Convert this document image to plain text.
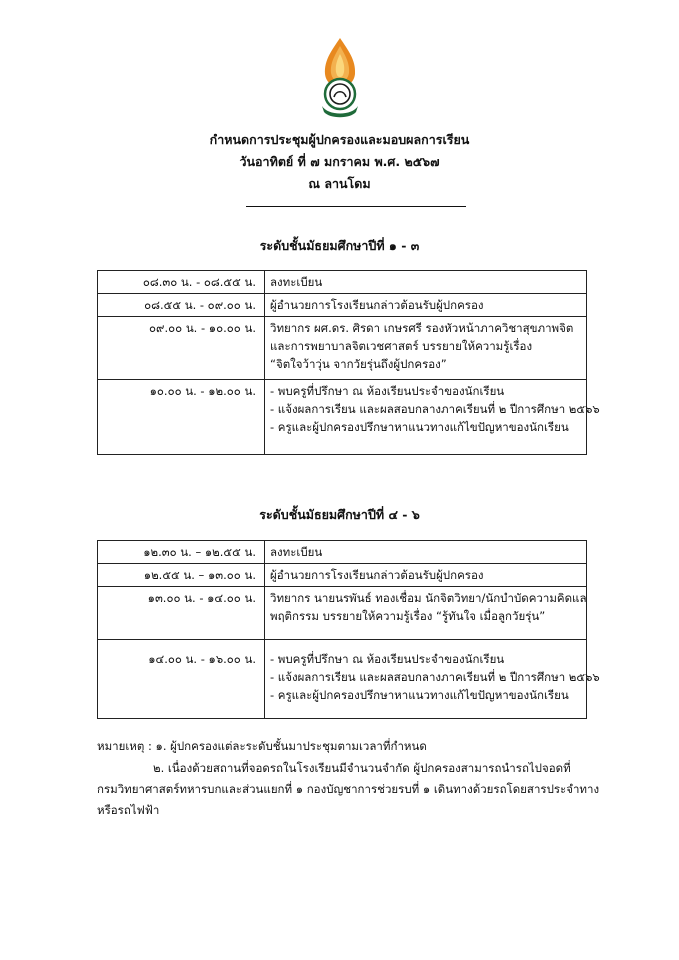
กำหนดการประชุมผู้ปกครองและมอบผลการเรียน
วันอาทิตย์ ที่ ๗ มกราคม พ.ศ. ๒๕๖๗
ณ ลานโดม
ระดับชั้นมัธยมศึกษาปีที่ ๑ - ๓
๐๘.๓๐ น. - ๐๘.๕๕ น.	ลงทะเบียน

๐๘.๕๕ น. - ๐๙.๐๐ น.	ผู้อำนวยการโรงเรียนกล่าวต้อนรับผู้ปกครอง

๐๙.๐๐ น. - ๑๐.๐๐ น.	วิทยากร ผศ.ดร. ศิรดา เกษรศรี รองหัวหน้าภาควิชาสุขภาพจิต
และการพยาบาลจิตเวชศาสตร์ บรรยายให้ความรู้เรื่อง
“จิตใจว้าวุ่น จากวัยรุ่นถึงผู้ปกครอง”

๑๐.๐๐ น. - ๑๒.๐๐ น.	- พบครูที่ปรึกษา ณ ห้องเรียนประจำของนักเรียน
- แจ้งผลการเรียน และผลสอบกลางภาคเรียนที่ ๒ ปีการศึกษา ๒๕๖๖
- ครูและผู้ปกครองปรึกษาหาแนวทางแก้ไขปัญหาของนักเรียน
ระดับชั้นมัธยมศึกษาปีที่ ๔ - ๖
๑๒.๓๐ น. – ๑๒.๕๕ น.	ลงทะเบียน

๑๒.๕๕ น. – ๑๓.๐๐ น.	ผู้อำนวยการโรงเรียนกล่าวต้อนรับผู้ปกครอง

๑๓.๐๐ น. - ๑๔.๐๐ น.	วิทยากร นายนรพันธ์ ทองเชื่อม นักจิตวิทยา/นักบำบัดความคิดแล
พฤติกรรม บรรยายให้ความรู้เรื่อง “รู้ทันใจ เมื่อลูกวัยรุ่น”

๑๔.๐๐ น. - ๑๖.๐๐ น.	- พบครูที่ปรึกษา ณ ห้องเรียนประจำของนักเรียน
- แจ้งผลการเรียน และผลสอบกลางภาคเรียนที่ ๒ ปีการศึกษา ๒๕๖๖
- ครูและผู้ปกครองปรึกษาหาแนวทางแก้ไขปัญหาของนักเรียน
หมายเหตุ : ๑. ผู้ปกครองแต่ละระดับชั้นมาประชุมตามเวลาที่กำหนด
๒. เนื่องด้วยสถานที่จอดรถในโรงเรียนมีจำนวนจำกัด ผู้ปกครองสามารถนำรถไปจอดที่
กรมวิทยาศาสตร์ทหารบกและส่วนแยกที่ ๑ กองบัญชาการช่วยรบที่ ๑ เดินทางด้วยรถโดยสารประจำทาง
หรือรถไฟฟ้า
